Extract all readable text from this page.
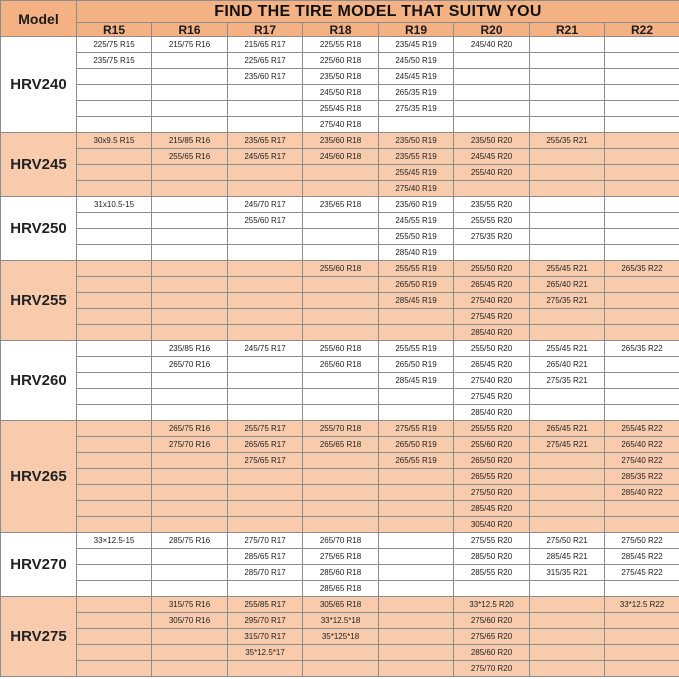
Model	FIND THE TIRE MODEL THAT SUITW YOU							
	R15	R16	R17	R18	R19	R20	R21	R22
HRV240	225/75 R15	215/75 R16	215/65 R17	225/55 R18	235/45 R19	245/40 R20		
	235/75 R15		225/65 R17	225/60 R18	245/50 R19			
			235/60 R17	235/50 R18	245/45 R19			
				245/50 R18	265/35 R19			
				255/45 R18	275/35 R19			
				275/40 R18				
HRV245	30x9.5 R15	215/85 R16	235/65 R17	235/60 R18	235/50 R19	235/50 R20	255/35 R21	
		255/65 R16	245/65 R17	245/60 R18	235/55 R19	245/45 R20		
					255/45 R19	255/40 R20		
					275/40 R19			
HRV250	31x10.5-15		245/70 R17	235/65 R18	235/60 R19	235/55 R20		
			255/60 R17		245/55 R19	255/55 R20		
					255/50 R19	275/35 R20		
					285/40 R19			
HRV255				255/60 R18	255/55 R19	255/50 R20	255/45 R21	265/35 R22
					265/50 R19	265/45 R20	265/40 R21	
					285/45 R19	275/40 R20	275/35 R21	
						275/45 R20		
						285/40 R20		
HRV260		235/85 R16	245/75 R17	255/60 R18	255/55 R19	255/50 R20	255/45 R21	265/35 R22
		265/70 R16		265/60 R18	265/50 R19	265/45 R20	265/40 R21	
					285/45 R19	275/40 R20	275/35 R21	
						275/45 R20		
						285/40 R20		
HRV265		265/75 R16	255/75 R17	255/70 R18	275/55 R19	255/55 R20	265/45 R21	255/45 R22
		275/70 R16	265/65 R17	265/65 R18	265/50 R19	255/60 R20	275/45 R21	265/40 R22
			275/65 R17		265/55 R19	265/50 R20		275/40 R22
						265/55 R20		285/35 R22
						275/50 R20		285/40 R22
						285/45 R20		
						305/40 R20		
HRV270	33×12.5-15	285/75 R16	275/70 R17	265/70 R18		275/55 R20	275/50 R21	275/50 R22
			285/65 R17	275/65 R18		285/50 R20	285/45 R21	285/45 R22
			285/70 R17	285/60 R18		285/55 R20	315/35 R21	275/45 R22
				285/65 R18				
HRV275		315/75 R16	255/85 R17	305/65 R18		33*12.5 R20		33*12.5 R22
		305/70 R16	295/70 R17	33*12.5*18		275/60 R20		
			315/70 R17	35*125*18		275/65 R20		
			35*12.5*17			285/60 R20		
						275/70 R20		
